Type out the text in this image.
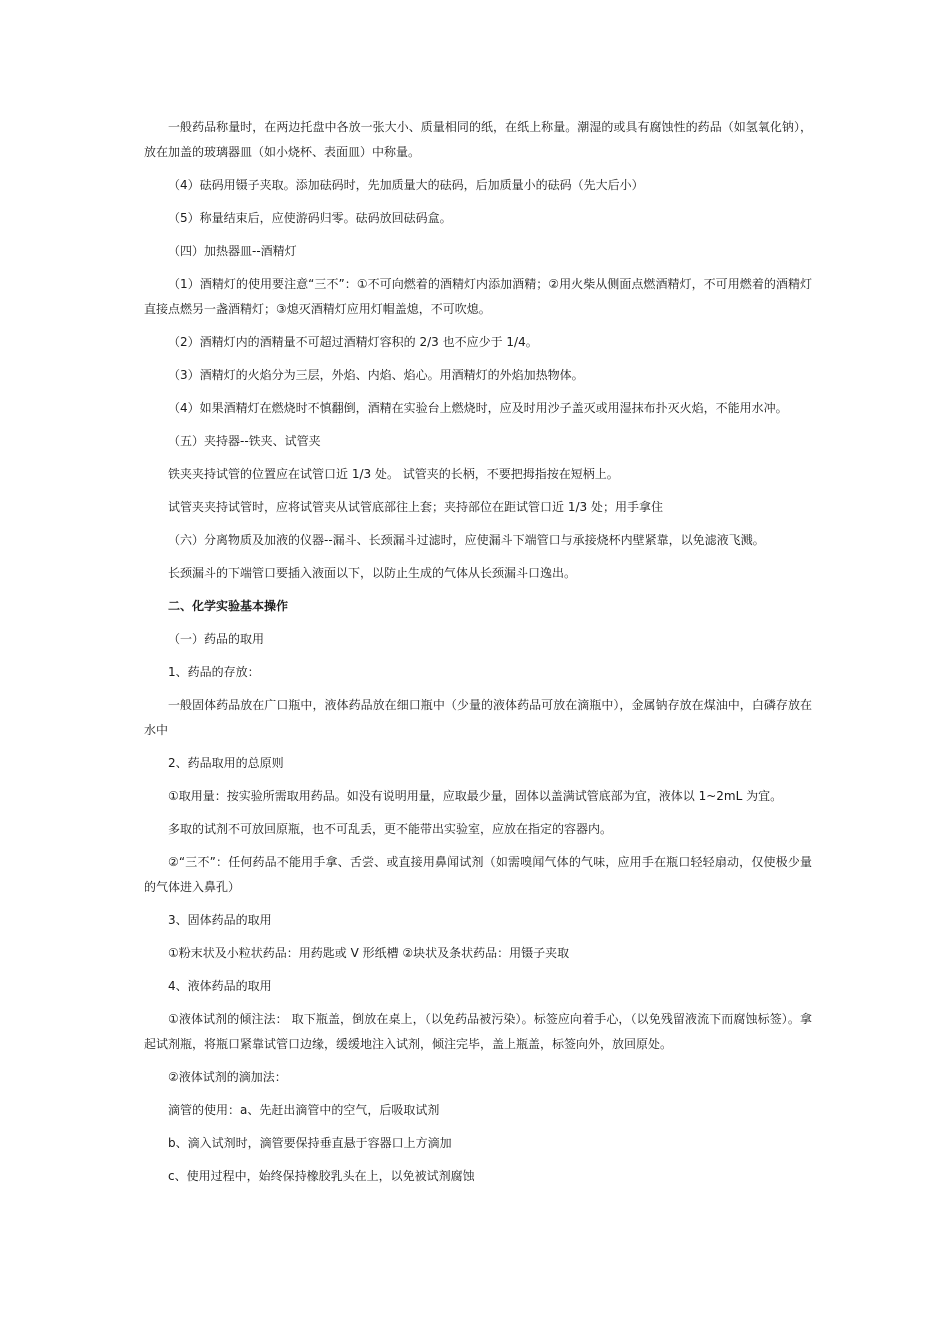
一般药品称量时，在两边托盘中各放一张大小、质量相同的纸，在纸上称量。潮湿的或具有腐蚀性的药品（如氢氧化钠），放在加盖的玻璃器皿（如小烧杯、表面皿）中称量。

（4）砝码用镊子夹取。添加砝码时，先加质量大的砝码，后加质量小的砝码（先大后小）

（5）称量结束后，应使游码归零。砝码放回砝码盒。

（四）加热器皿--酒精灯

（1）酒精灯的使用要注意“三不”：①不可向燃着的酒精灯内添加酒精；②用火柴从侧面点燃酒精灯，不可用燃着的酒精灯直接点燃另一盏酒精灯；③熄灭酒精灯应用灯帽盖熄，不可吹熄。

（2）酒精灯内的酒精量不可超过酒精灯容积的 2/3 也不应少于 1/4。

（3）酒精灯的火焰分为三层，外焰、内焰、焰心。用酒精灯的外焰加热物体。

（4）如果酒精灯在燃烧时不慎翻倒，酒精在实验台上燃烧时，应及时用沙子盖灭或用湿抹布扑灭火焰，不能用水冲。

（五）夹持器--铁夹、试管夹

铁夹夹持试管的位置应在试管口近 1/3 处。 试管夹的长柄，不要把拇指按在短柄上。

试管夹夹持试管时，应将试管夹从试管底部往上套；夹持部位在距试管口近 1/3 处；用手拿住

（六）分离物质及加液的仪器--漏斗、长颈漏斗过滤时，应使漏斗下端管口与承接烧杯内壁紧靠，以免滤液飞溅。

长颈漏斗的下端管口要插入液面以下，以防止生成的气体从长颈漏斗口逸出。

二、化学实验基本操作

（一）药品的取用

1、药品的存放：

一般固体药品放在广口瓶中，液体药品放在细口瓶中（少量的液体药品可放在滴瓶中），金属钠存放在煤油中，白磷存放在水中

2、药品取用的总原则

①取用量：按实验所需取用药品。如没有说明用量，应取最少量，固体以盖满试管底部为宜，液体以 1~2mL 为宜。

多取的试剂不可放回原瓶，也不可乱丢，更不能带出实验室，应放在指定的容器内。

②“三不”：任何药品不能用手拿、舌尝、或直接用鼻闻试剂（如需嗅闻气体的气味，应用手在瓶口轻轻扇动，仅使极少量的气体进入鼻孔）

3、固体药品的取用

①粉末状及小粒状药品：用药匙或 V 形纸槽 ②块状及条状药品：用镊子夹取

4、液体药品的取用

①液体试剂的倾注法： 取下瓶盖，倒放在桌上，（以免药品被污染）。标签应向着手心，（以免残留液流下而腐蚀标签）。拿起试剂瓶，将瓶口紧靠试管口边缘，缓缓地注入试剂，倾注完毕，盖上瓶盖，标签向外，放回原处。

②液体试剂的滴加法：

滴管的使用：a、先赶出滴管中的空气，后吸取试剂

b、滴入试剂时，滴管要保持垂直悬于容器口上方滴加

c、使用过程中，始终保持橡胶乳头在上，以免被试剂腐蚀
